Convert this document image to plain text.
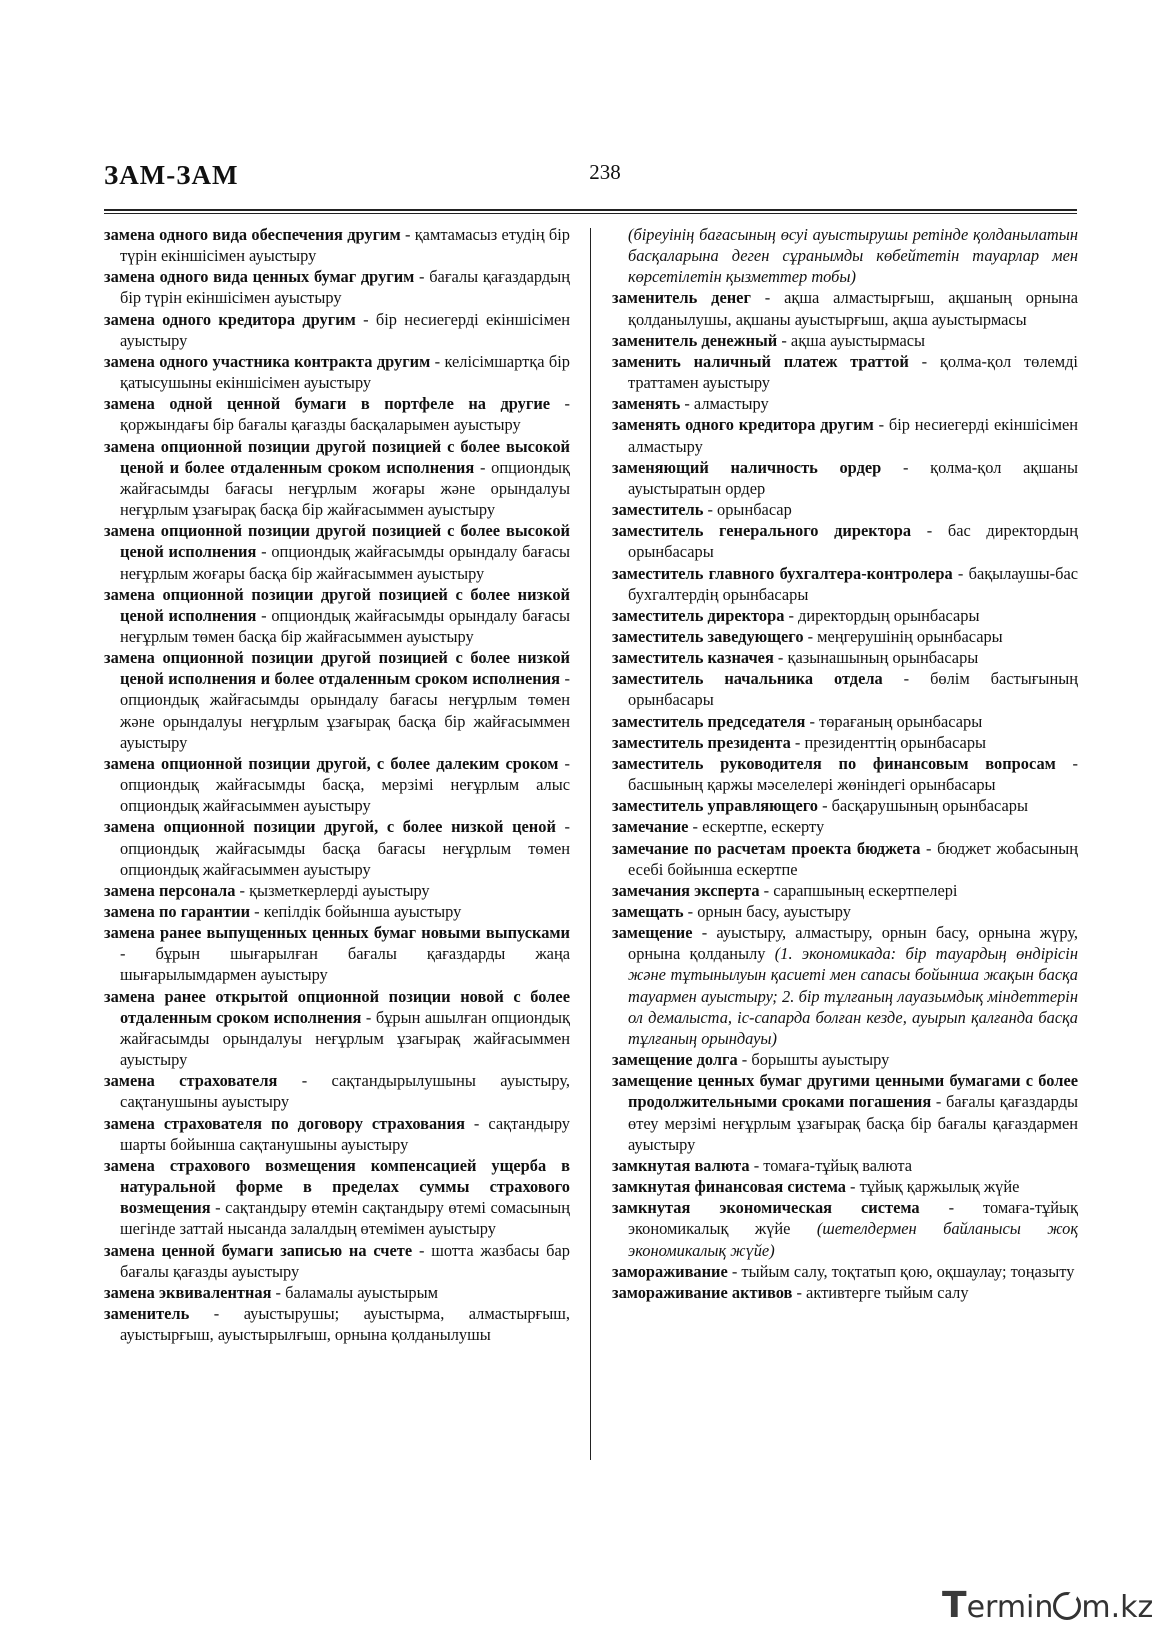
ЗАМ-ЗАМ	238

замена одного вида обеспечения другим - қамтамасыз етудің бір түрін екіншісімен ауыстыру

замена одного вида ценных бумаг другим - бағалы қағаздардың бір түрін екіншісімен ауыстыру

замена одного кредитора другим - бір несиегерді екіншісімен ауыстыру

замена одного участника контракта другим - келісімшартқа бір қатысушыны екіншісімен ауыстыру

замена одной ценной бумаги в портфеле на другие - қоржындағы бір бағалы қағазды басқаларымен ауыстыру

замена опционной позиции другой позицией с более высокой ценой и более отдаленным сроком исполнения - опциондық жайғасымды бағасы неғұрлым жоғары және орындалуы неғұрлым ұзағырақ басқа бір жайғасыммен ауыстыру

замена опционной позиции другой позицией с более высокой ценой исполнения - опциондық жайғасымды орындалу бағасы неғұрлым жоғары басқа бір жайғасыммен ауыстыру

замена опционной позиции другой позицией с более низкой ценой исполнения - опциондық жайғасымды орындалу бағасы неғұрлым төмен басқа бір жайғасыммен ауыстыру

замена опционной позиции другой позицией с более низкой ценой исполнения и более отдаленным сроком исполнения - опциондық жайғасымды орындалу бағасы неғұрлым төмен және орындалуы неғұрлым ұзағырақ басқа бір жайғасыммен ауыстыру

замена опционной позиции другой, с более далеким сроком - опциондық жайғасымды басқа, мерзімі неғұрлым алыс опциондық жайғасыммен ауыстыру

замена опционной позиции другой, с более низкой ценой - опциондық жайғасымды басқа бағасы неғұрлым төмен опциондық жайғасыммен ауыстыру

замена персонала - қызметкерлерді ауыстыру

замена по гарантии - кепілдік бойынша ауыстыру

замена ранее выпущенных ценных бумаг новыми выпусками - бұрын шығарылған бағалы қағаздарды жаңа шығарылымдармен ауыстыру

замена ранее открытой опционной позиции новой с более отдаленным сроком исполнения - бұрын ашылған опциондық жайғасымды орындалуы неғұрлым ұзағырақ жайғасыммен ауыстыру

замена страхователя - сақтандырылушыны ауыстыру, сақтанушыны ауыстыру

замена страхователя по договору страхования - сақтандыру шарты бойынша сақтанушыны ауыстыру

замена страхового возмещения компенсацией ущерба в натуральной форме в пределах суммы страхового возмещения - сақтандыру өтемін сақтандыру өтемі сомасының шегінде заттай нысанда залалдың өтемімен ауыстыру

замена ценной бумаги записью на счете - шотта жазбасы бар бағалы қағазды ауыстыру

замена эквивалентная - баламалы ауыстырым

заменитель - ауыстырушы; ауыстырма, алмастырғыш, ауыстырғыш, ауыстырылғыш, орнына қолданылушы

(біреуінің бағасының өсуі ауыстырушы ретінде қолданылатын басқаларына деген сұранымды көбейтетін тауарлар мен көрсетілетін қызметтер тобы)

заменитель денег - ақша алмастырғыш, ақшаның орнына қолданылушы, ақшаны ауыстырғыш, ақша ауыстырмасы

заменитель денежный - ақша ауыстырмасы

заменить наличный платеж траттой - қолма-қол төлемді траттамен ауыстыру

заменять - алмастыру

заменять одного кредитора другим - бір несиегерді екіншісімен алмастыру

заменяющий наличность ордер - қолма-қол ақшаны ауыстыратын ордер

заместитель - орынбасар

заместитель генерального директора - бас директордың орынбасары

заместитель главного бухгалтера-контролера - бақылаушы-бас бухгалтердің орынбасары

заместитель директора - директордың орынбасары

заместитель заведующего - меңгерушінің орынбасары

заместитель казначея - қазынашының орынбасары

заместитель начальника отдела - бөлім бастығының орынбасары

заместитель председателя - төрағаның орынбасары

заместитель президента - президенттің орынбасары

заместитель руководителя по финансовым вопросам - басшының қаржы мәселелері жөніндегі орынбасары

заместитель управляющего - басқарушының орынбасары

замечание - ескертпе, ескерту

замечание по расчетам проекта бюджета - бюджет жобасының есебі бойынша ескертпе

замечания эксперта - сарапшының ескертпелері

замещать - орнын басу, ауыстыру

замещение - ауыстыру, алмастыру, орнын басу, орнына жүру, орнына қолданылу (1. экономикада: бір тауардың өндірісін және тұтынылуын қасиеті мен сапасы бойынша жақын басқа тауармен ауыстыру; 2. бір тұлғаның лауазымдық міндеттерін ол демалыста, іс-сапарда болған кезде, ауырып қалғанда басқа тұлғаның орындауы)

замещение долга - борышты ауыстыру

замещение ценных бумаг другими ценными бумагами с более продолжительными сроками погашения - бағалы қағаздарды өтеу мерзімі неғұрлым ұзағырақ басқа бір бағалы қағаздармен ауыстыру

замкнутая валюта - томаға-тұйық валюта

замкнутая финансовая система - тұйық қаржылық жүйе

замкнутая экономическая система - томаға-тұйық экономикалық жүйе (шетелдермен байланысы жоқ экономикалық жүйе)

замораживание - тыйым салу, тоқтатып қою, оқшаулау; тоңазыту

замораживание активов - активтерге тыйым салу

Termin m.kz
